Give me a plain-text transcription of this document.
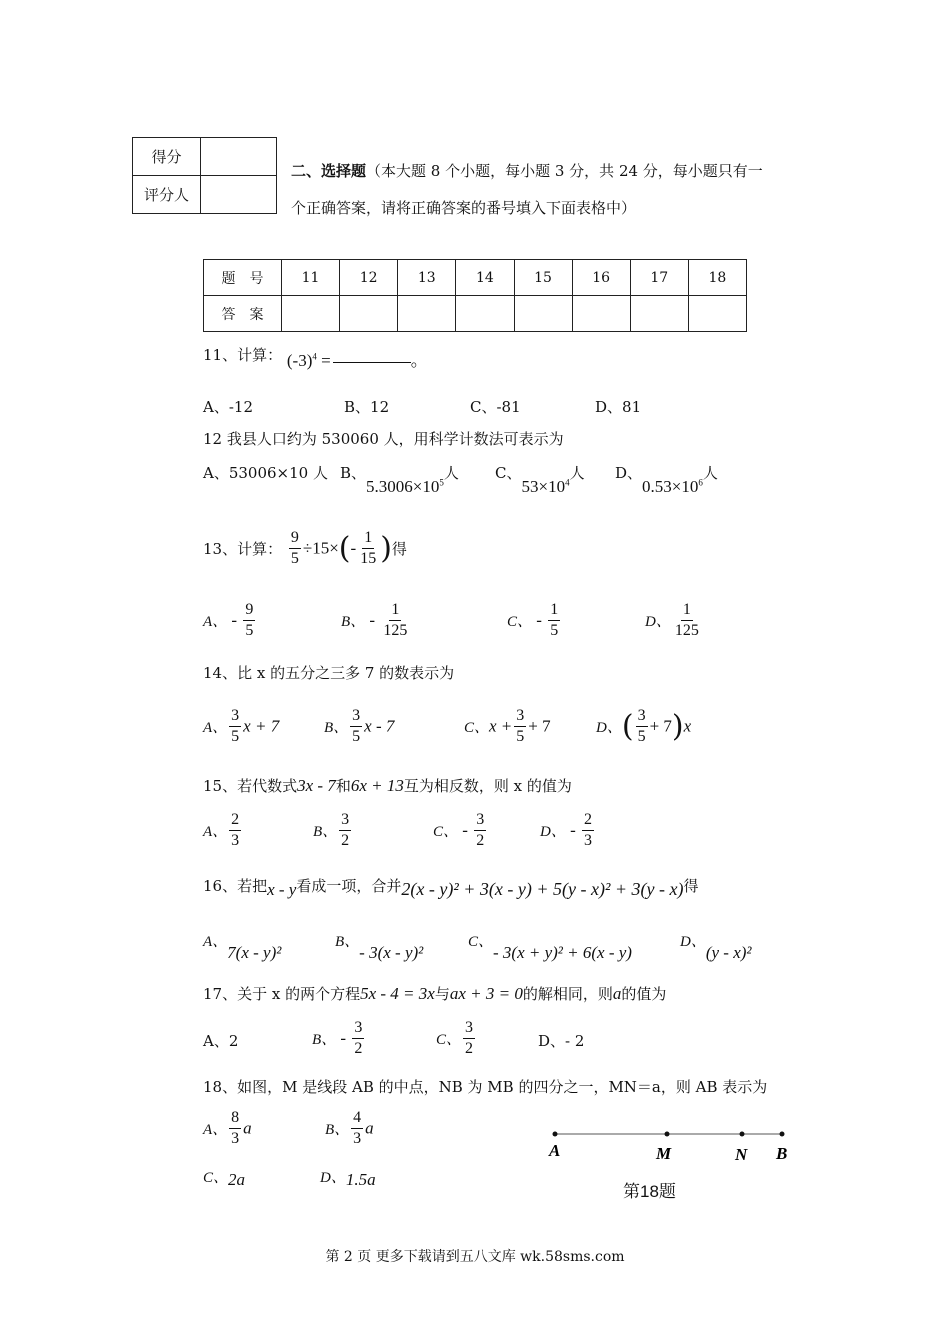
得分	
评分人	
二、选择题（本大题 8 个小题，每小题 3 分，共 24 分，每小题只有一
个正确答案，请将正确答案的番号填入下面表格中）
题　号	11	12	13	14	15	16	17	18
答　案								
11、计算： $(-3)^4$ =	。
A、-12	B、12	C、-81	D、81
12 我县人口约为 530060 人，用科学计数法可表示为
A、53006×10 人 B、$5.3006\times 10^5$人 C、$53\times 10^4$人 D、$0.53\times 10^6$人
13、计算： $\frac{9}{5} \div 15\times(- \frac{1}{15}$ )得
A、 - $\frac{9}{5}$	B、 - $\frac{1}{125}$	C、 - $\frac{1}{5}$	D、 $\frac{1}{125}$
14、比 x 的五分之三多 7 的数表示为
A、 $\frac{3}{5}$ x + 7	B、 $\frac{3}{5}$ x - 7	C、$x + \frac{3}{5} + 7$	D、( $\frac{3}{5} + 7)x$
15、若代数式3x - 7和6x + 13互为相反数，则 x 的值为
A、 $\frac{2}{3}$	B、 $\frac{3}{2}$	C、 - $\frac{3}{2}$	D、 - $\frac{2}{3}$
16、若把x - y看成一项，合并2(x - y)² + 3(x - y) + 5(y - x)² + 3(y - x)得
A、7(x - y)²
B、- 3(x - y)²
C、- 3(x + y)² + 6(x - y)
D、(y - x)²
17、关于 x 的两个方程5x - 4 = 3x与ax + 3 = 0的解相同，则a的值为
A、2	B、 - $\frac{3}{2}$	C、 $\frac{3}{2}$	D、- 2
18、如图，M 是线段 AB 的中点，NB 为 MB 的四分之一，MN＝a，则 AB 表示为
A、 $\frac{8}{3}$ a	B、 $\frac{4}{3}$ a
C、2a	D、1.5a
A	M	N B
第18题
第 2 页 更多下载请到五八文库 wk.58sms.com
